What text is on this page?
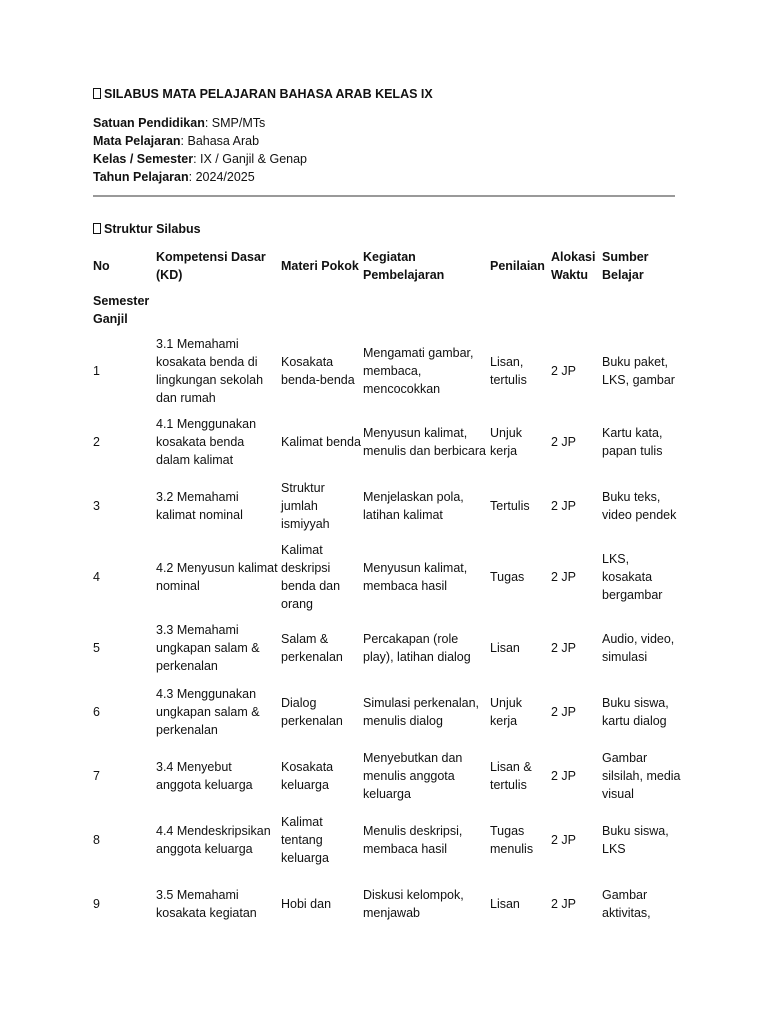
SILABUS MATA PELAJARAN BAHASA ARAB KELAS IX
Satuan Pendidikan: SMP/MTs
Mata Pelajaran: Bahasa Arab
Kelas / Semester: IX / Ganjil & Genap
Tahun Pelajaran: 2024/2025
Struktur Silabus
No	Kompetensi Dasar (KD)	Materi Pokok	Kegiatan Pembelajaran	Penilaian	Alokasi Waktu	Sumber Belajar
Semester Ganjil						
1	3.1 Memahami kosakata benda di lingkungan sekolah dan rumah	Kosakata benda-benda	Mengamati gambar, membaca, mencocokkan	Lisan, tertulis	2 JP	Buku paket, LKS, gambar
2	4.1 Menggunakan kosakata benda dalam kalimat	Kalimat benda	Menyusun kalimat, menulis dan berbicara	Unjuk kerja	2 JP	Kartu kata, papan tulis
3	3.2 Memahami kalimat nominal	Struktur jumlah ismiyyah	Menjelaskan pola, latihan kalimat	Tertulis	2 JP	Buku teks, video pendek
4	4.2 Menyusun kalimat nominal	Kalimat deskripsi benda dan orang	Menyusun kalimat, membaca hasil	Tugas	2 JP	LKS, kosakata bergambar
5	3.3 Memahami ungkapan salam & perkenalan	Salam & perkenalan	Percakapan (role play), latihan dialog	Lisan	2 JP	Audio, video, simulasi
6	4.3 Menggunakan ungkapan salam & perkenalan	Dialog perkenalan	Simulasi perkenalan, menulis dialog	Unjuk kerja	2 JP	Buku siswa, kartu dialog
7	3.4 Menyebut anggota keluarga	Kosakata keluarga	Menyebutkan dan menulis anggota keluarga	Lisan & tertulis	2 JP	Gambar silsilah, media visual
8	4.4 Mendeskripsikan anggota keluarga	Kalimat tentang keluarga	Menulis deskripsi, membaca hasil	Tugas menulis	2 JP	Buku siswa, LKS
9	3.5 Memahami kosakata kegiatan	Hobi dan	Diskusi kelompok, menjawab	Lisan	2 JP	Gambar aktivitas,
